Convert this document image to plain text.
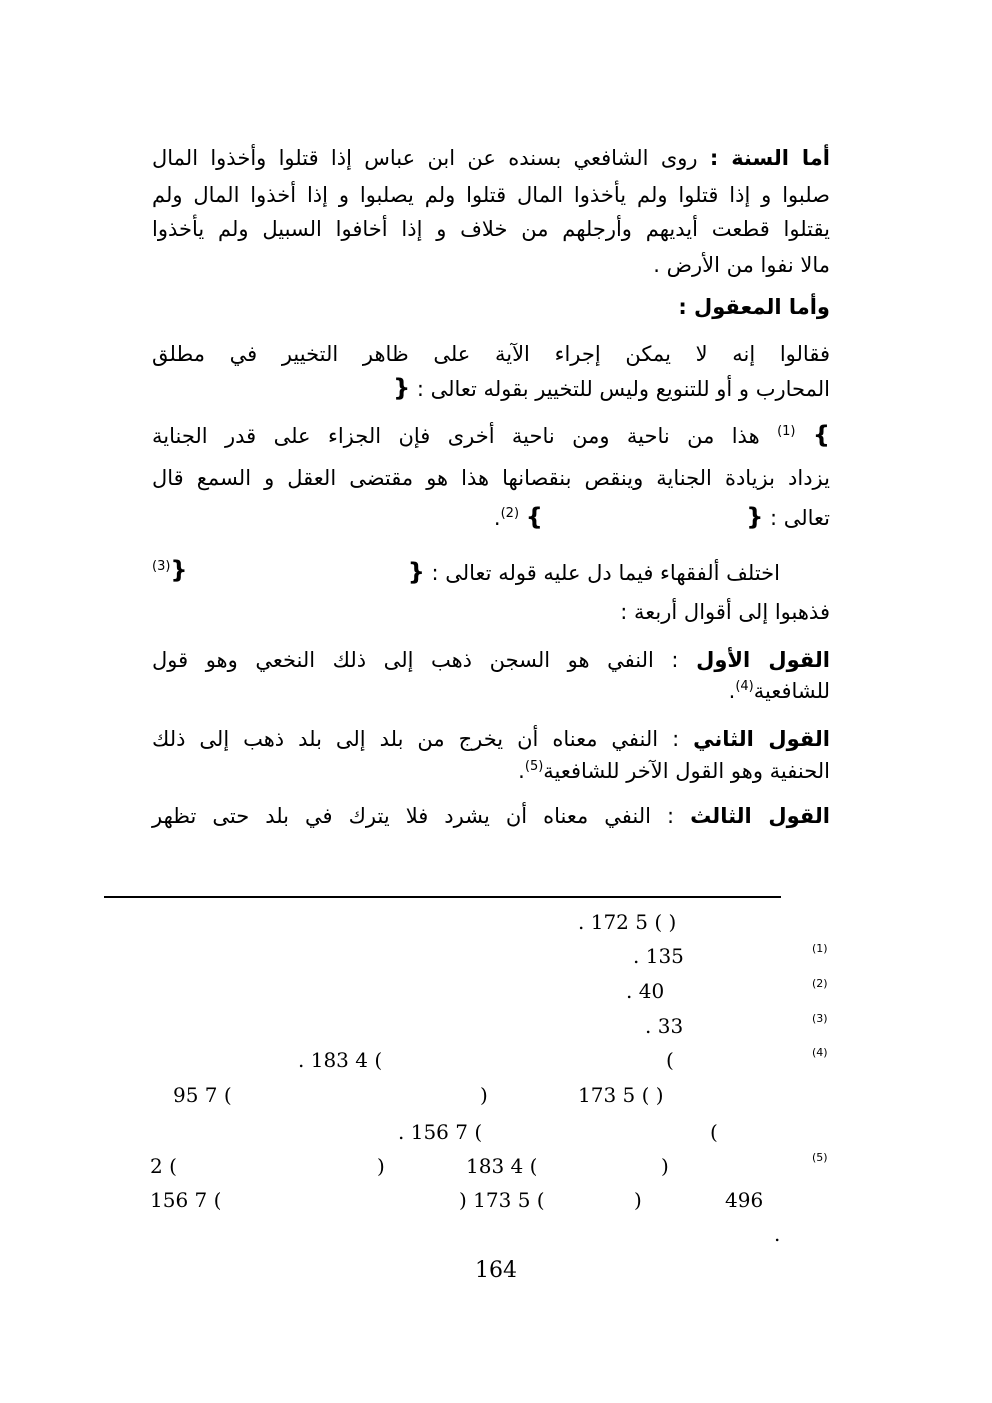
أما السنة : روى الشافعي بسنده عن ابن عباس إذا قتلوا وأخذوا المال
صلبوا و إذا قتلوا ولم يأخذوا المال قتلوا ولم يصلبوا و إذا أخذوا المال ولم
يقتلوا قطعت أيديهم وأرجلهم من خلاف و إذا أخافوا السبيل ولم يأخذوا
مالا نفوا من الأرض .
وأما المعقول :
فقالوا إنه لا يمكن إجراء الآية على ظاهر التخيير في مطلق
المحارب و أو للتنويع وليس للتخيير بقوله تعالى : {
} $^{(1)}$ هذا من ناحية ومن ناحية أخرى فإن الجزاء على قدر الجناية
يزداد بزيادة الجناية وينقص بنقصانها هذا هو مقتضى العقل و السمع قال
تعالى : {  } $^{(2)}$.
اختلف ألفقهاء فيما دل عليه قوله تعالى : {
$^{(3)}$}
فذهبوا إلى أقوال أربعة :
القول الأول : النفي هو السجن ذهب إلى ذلك النخعي وهو قول
للشافعية$^{(4)}$.
القول الثاني : النفي معناه أن يخرج من بلد إلى بلد ذهب إلى ذلك
الحنفية وهو القول الآخر للشافعية$^{(5)}$.
القول الثالث : النفي معناه أن يشرد فلا يترك في بلد حتى تظهر
. 172 5 ( )
(1)
. 135
(2)
. 40
(3)
. 33
(4)
. 183 4 (	(
95 7 (	)	173 5 ( )
. 156 7 (	(
(5)
2 (	)	183 4 (	)
156 7 (	) 173 5 (	)	496
.
164
